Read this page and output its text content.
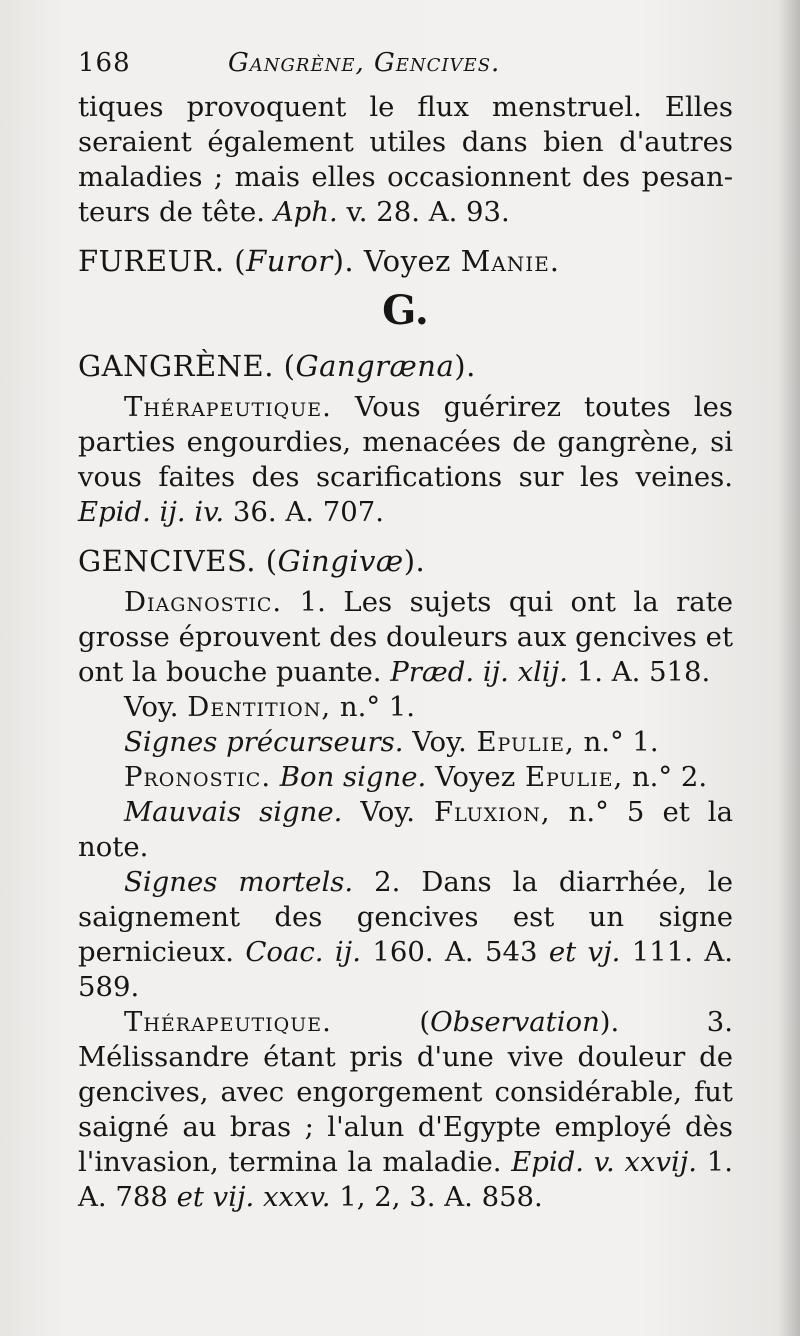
168	Gangrène, Gencives.

tiques provoquent le flux menstruel. Elles seraient également utiles dans bien d'autres maladies ; mais elles occasionnent des pesan- teurs de tête. Aph. v. 28. A. 93.

FUREUR. (Furor). Voyez Manie.
G.
GANGRÈNE. (Gangræna).

Thérapeutique. Vous guérirez toutes les parties engourdies, menacées de gangrène, si vous faites des scarifications sur les veines. Epid. ij. iv. 36. A. 707.

GENCIVES. (Gingivæ).

Diagnostic. 1. Les sujets qui ont la rate grosse éprouvent des douleurs aux gencives et ont la bouche puante. Præd. ij. xlij. 1. A. 518.

Voy. Dentition, n.° 1.

Signes précurseurs. Voy. Epulie, n.° 1.

Pronostic. Bon signe. Voyez Epulie, n.° 2.

Mauvais signe. Voy. Fluxion, n.° 5 et la note.

Signes mortels. 2. Dans la diarrhée, le saignement des gencives est un signe pernicieux. Coac. ij. 160. A. 543 et vj. 111. A. 589.

Thérapeutique. (Observation). 3. Mélissandre étant pris d'une vive douleur de gencives, avec engorgement considérable, fut saigné au bras ; l'alun d'Egypte employé dès l'invasion, termina la maladie. Epid. v. xxvij. 1. A. 788 et vij. xxxv. 1, 2, 3. A. 858.
